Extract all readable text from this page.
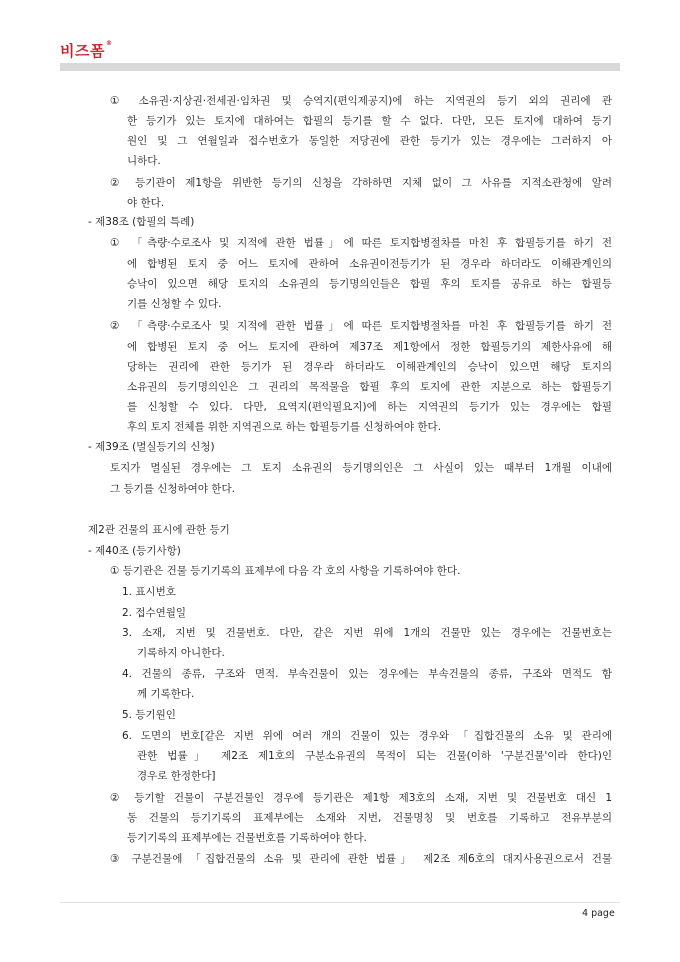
비즈폼®
① 소유권·지상권·전세권·임차권 및 승역지(편익제공지)에 하는 지역권의 등기 외의 권리에 관
한 등기가 있는 토지에 대하여는 합필의 등기를 할 수 없다. 다만, 모든 토지에 대하여 등기
원인 및 그 연월일과 접수번호가 동일한 저당권에 관한 등기가 있는 경우에는 그러하지 아
니하다.
② 등기관이 제1항을 위반한 등기의 신청을 각하하면 지체 없이 그 사유를 지적소관청에 알려
야 한다.
- 제38조 (합필의 특례)
① 「측량·수로조사 및 지적에 관한 법률」에 따른 토지합병절차를 마친 후 합필등기를 하기 전
에 합병된 토지 중 어느 토지에 관하여 소유권이전등기가 된 경우라 하더라도 이해관계인의
승낙이 있으면 해당 토지의 소유권의 등기명의인들은 합필 후의 토지를 공유로 하는 합필등
기를 신청할 수 있다.
② 「측량·수로조사 및 지적에 관한 법률」에 따른 토지합병절차를 마친 후 합필등기를 하기 전
에 합병된 토지 중 어느 토지에 관하여 제37조 제1항에서 정한 합필등기의 제한사유에 해
당하는 권리에 관한 등기가 된 경우라 하더라도 이해관계인의 승낙이 있으면 해당 토지의
소유권의 등기명의인은 그 권리의 목적물을 합필 후의 토지에 관한 지분으로 하는 합필등기
를 신청할 수 있다. 다만, 요역지(편익필요지)에 하는 지역권의 등기가 있는 경우에는 합필
후의 토지 전체를 위한 지역권으로 하는 합필등기를 신청하여야 한다.
- 제39조 (멸실등기의 신청)
토지가 멸실된 경우에는 그 토지 소유권의 등기명의인은 그 사실이 있는 때부터 1개월 이내에
그 등기를 신청하여야 한다.
제2관 건물의 표시에 관한 등기
- 제40조 (등기사항)
① 등기관은 건물 등기기록의 표제부에 다음 각 호의 사항을 기록하여야 한다.
1. 표시번호
2. 접수연월일
3. 소재, 지번 및 건물번호. 다만, 같은 지번 위에 1개의 건물만 있는 경우에는 건물번호는
기록하지 아니한다.
4. 건물의 종류, 구조와 면적. 부속건물이 있는 경우에는 부속건물의 종류, 구조와 면적도 함
께 기록한다.
5. 등기원인
6. 도면의 번호[같은 지번 위에 여러 개의 건물이 있는 경우와 「집합건물의 소유 및 관리에
관한 법률」 제2조 제1호의 구분소유권의 목적이 되는 건물(이하 '구분건물'이라 한다)인
경우로 한정한다]
② 등기할 건물이 구분건물인 경우에 등기관은 제1항 제3호의 소재, 지번 및 건물번호 대신 1
동 건물의 등기기록의 표제부에는 소재와 지번, 건물명칭 및 번호를 기록하고 전유부분의
등기기록의 표제부에는 건물번호를 기록하여야 한다.
③ 구분건물에 「집합건물의 소유 및 관리에 관한 법률」 제2조 제6호의 대지사용권으로서 건물
4 page
